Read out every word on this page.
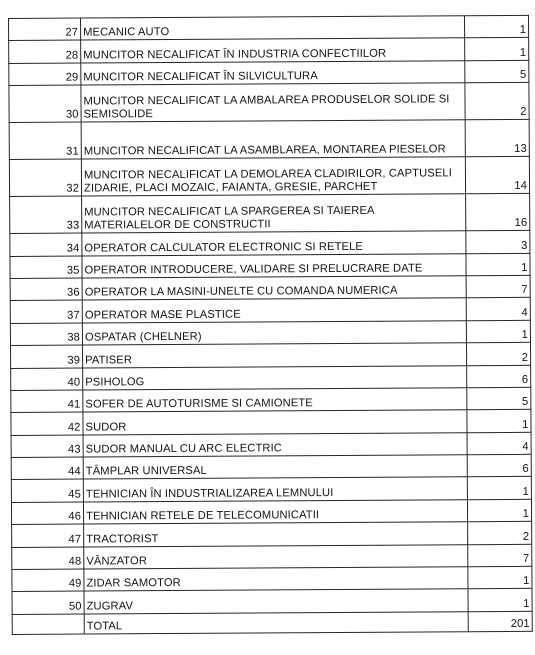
27	MECANIC AUTO	1
28	MUNCITOR NECALIFICAT ÎN INDUSTRIA CONFECTIILOR	1
29	MUNCITOR NECALIFICAT ÎN SILVICULTURA	5
30	MUNCITOR NECALIFICAT LA AMBALAREA PRODUSELOR SOLIDE SI SEMISOLIDE	2
31	MUNCITOR NECALIFICAT LA ASAMBLAREA, MONTAREA PIESELOR	13
32	MUNCITOR NECALIFICAT LA DEMOLAREA CLADIRILOR, CAPTUSELI ZIDARIE, PLACI MOZAIC, FAIANTA, GRESIE, PARCHET	14
33	MUNCITOR NECALIFICAT LA SPARGEREA SI TAIEREA MATERIALELOR DE CONSTRUCTII	16
34	OPERATOR CALCULATOR ELECTRONIC SI RETELE	3
35	OPERATOR INTRODUCERE, VALIDARE SI PRELUCRARE DATE	1
36	OPERATOR LA MASINI-UNELTE CU COMANDA NUMERICA	7
37	OPERATOR MASE PLASTICE	4
38	OSPATAR (CHELNER)	1
39	PATISER	2
40	PSIHOLOG	6
41	SOFER DE AUTOTURISME SI CAMIONETE	5
42	SUDOR	1
43	SUDOR MANUAL CU ARC ELECTRIC	4
44	TÂMPLAR UNIVERSAL	6
45	TEHNICIAN ÎN INDUSTRIALIZAREA LEMNULUI	1
46	TEHNICIAN RETELE DE TELECOMUNICATII	1
47	TRACTORIST	2
48	VÂNZATOR	7
49	ZIDAR SAMOTOR	1
50	ZUGRAV	1
	TOTAL	201
